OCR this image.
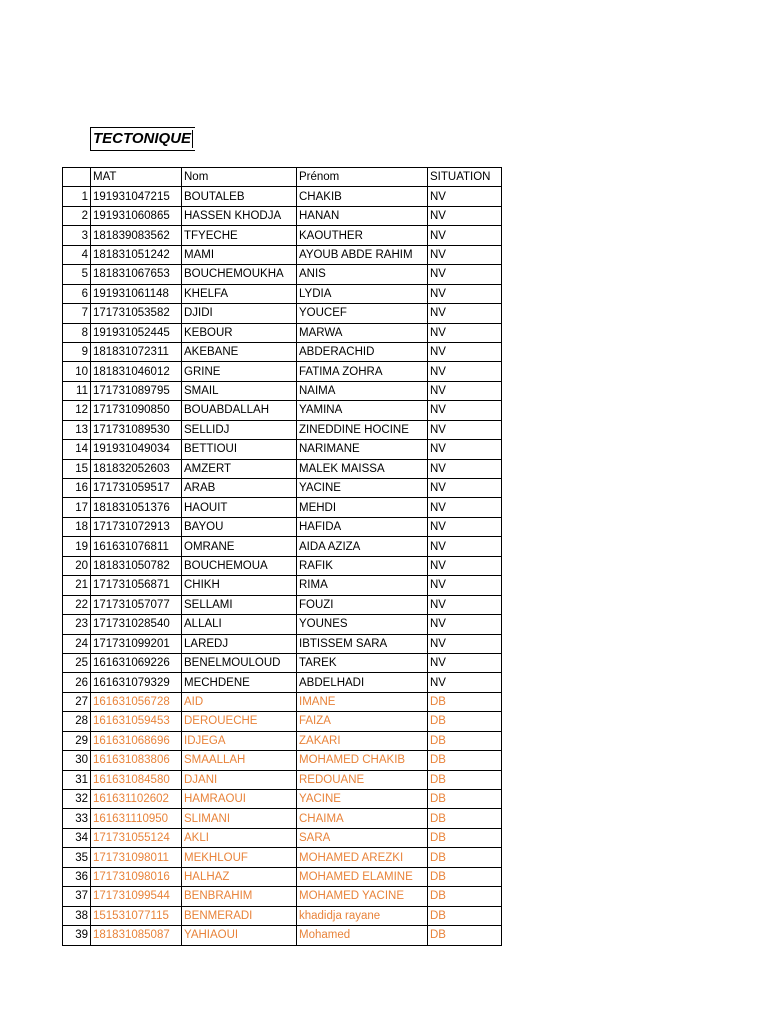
TECTONIQUE
	MAT	Nom	Prénom	SITUATION
1	191931047215	BOUTALEB	CHAKIB	NV
2	191931060865	HASSEN KHODJA	HANAN	NV
3	181839083562	TFYECHE	KAOUTHER	NV
4	181831051242	MAMI	AYOUB ABDE RAHIM	NV
5	181831067653	BOUCHEMOUKHA	ANIS	NV
6	191931061148	KHELFA	LYDIA	NV
7	171731053582	DJIDI	YOUCEF	NV
8	191931052445	KEBOUR	MARWA	NV
9	181831072311	AKEBANE	ABDERACHID	NV
10	181831046012	GRINE	FATIMA ZOHRA	NV
11	171731089795	SMAIL	NAIMA	NV
12	171731090850	BOUABDALLAH	YAMINA	NV
13	171731089530	SELLIDJ	ZINEDDINE HOCINE	NV
14	191931049034	BETTIOUI	NARIMANE	NV
15	181832052603	AMZERT	MALEK MAISSA	NV
16	171731059517	ARAB	YACINE	NV
17	181831051376	HAOUIT	MEHDI	NV
18	171731072913	BAYOU	HAFIDA	NV
19	161631076811	OMRANE	AIDA AZIZA	NV
20	181831050782	BOUCHEMOUA	RAFIK	NV
21	171731056871	CHIKH	RIMA	NV
22	171731057077	SELLAMI	FOUZI	NV
23	171731028540	ALLALI	YOUNES	NV
24	171731099201	LAREDJ	IBTISSEM SARA	NV
25	161631069226	BENELMOULOUD	TAREK	NV
26	161631079329	MECHDENE	ABDELHADI	NV
27	161631056728	AID	IMANE	DB
28	161631059453	DEROUECHE	FAIZA	DB
29	161631068696	IDJEGA	ZAKARI	DB
30	161631083806	SMAALLAH	MOHAMED CHAKIB	DB
31	161631084580	DJANI	REDOUANE	DB
32	161631102602	HAMRAOUI	YACINE	DB
33	161631110950	SLIMANI	CHAIMA	DB
34	171731055124	AKLI	SARA	DB
35	171731098011	MEKHLOUF	MOHAMED AREZKI	DB
36	171731098016	HALHAZ	MOHAMED ELAMINE	DB
37	171731099544	BENBRAHIM	MOHAMED YACINE	DB
38	151531077115	BENMERADI	khadidja rayane	DB
39	181831085087	YAHIAOUI	Mohamed	DB
